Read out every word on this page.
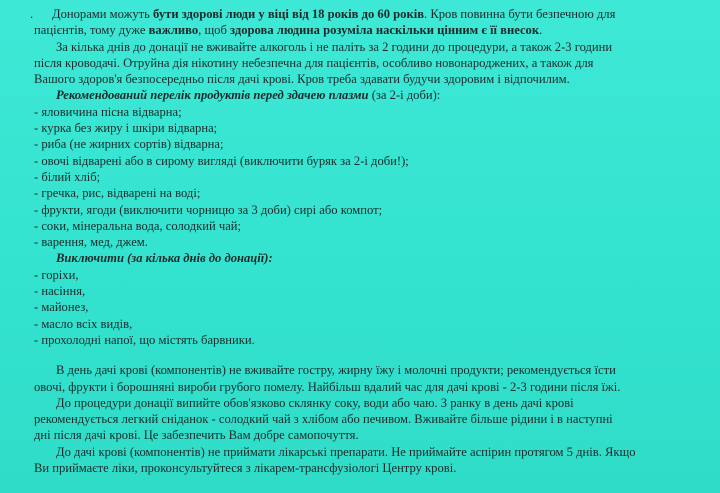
. Донорами можуть бути здорові люди у віці від 18 років до 60 років. Кров повинна бути безпечною для

пацієнтів, тому дуже важливо, щоб здорова людина розуміла наскільки цінним є її внесок.

За кілька днів до донації не вживайте алкоголь і не паліть за 2 години до процедури, а також 2-3 години

після кроводачі. Отруйна дія нікотину небезпечна для пацієнтів, особливо новонароджених, а також для

Вашого здоров'я безпосередньо після дачі крові. Кров треба здавати будучи здоровим і відпочилим.

Рекомендований перелік продуктів перед здачею плазми (за 2-і доби):

- яловичина пісна відварна;

- курка без жиру і шкіри відварна;

- риба (не жирних сортів) відварна;

- овочі відварені або в сирому вигляді (виключити буряк за 2-і доби!);

- білий хліб;

- гречка, рис, відварені на воді;

- фрукти, ягоди (виключити чорницю за 3 доби) сирі або компот;

- соки, мінеральна вода, солодкий чай;

- варення, мед, джем.

Виключити (за кілька днів до донації):

- горіхи,

- насіння,

- майонез,

- масло всіх видів,

- прохолодні напої, що містять барвники.

В день дачі крові (компонентів) не вживайте гостру, жирну їжу і молочні продукти; рекомендується їсти

овочі, фрукти і борошняні вироби грубого помелу. Найбільш вдалий час для дачі крові - 2-3 години після їжі.

До процедури донації випийте обов'язково склянку соку, води або чаю. З ранку в день дачі крові

рекомендується легкий сніданок - солодкий чай з хлібом або печивом. Вживайте більше рідини і в наступні

дні після дачі крові. Це забезпечить Вам добре самопочуття.

До дачі крові (компонентів) не приймати лікарські препарати. Не приймайте аспірин протягом 5 днів. Якщо

Ви приймаєте ліки, проконсультуйтеся з лікарем-трансфузіологі Центру крові.
